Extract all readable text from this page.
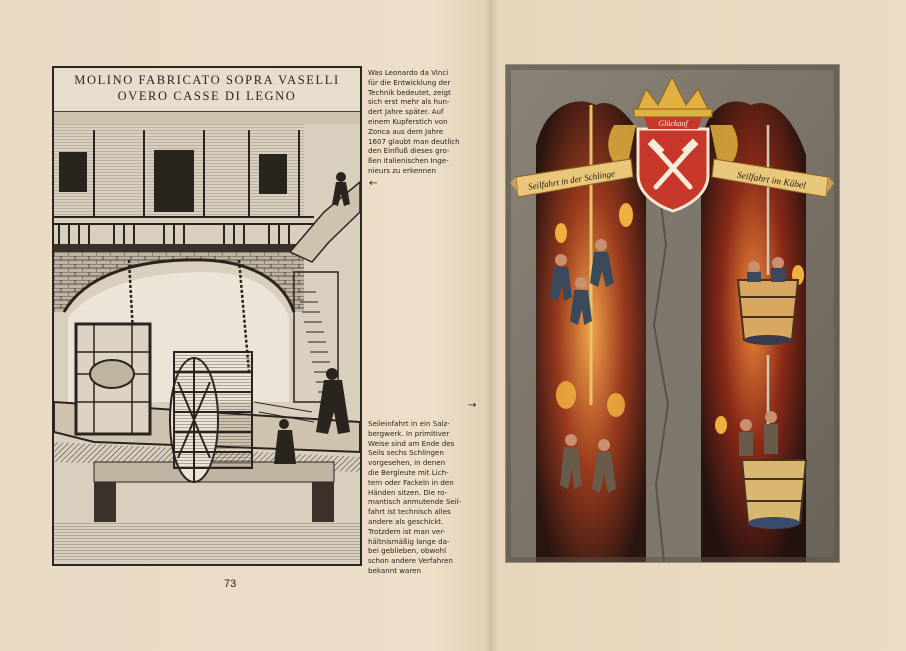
MOLINO FABRICATO SOPRA VASELLI
OVERO CASSE DI LEGNO
73
Was Leonardo da Vinci
für die Entwicklung der
Technik bedeutet, zeigt
sich erst mehr als hun-
dert Jahre später. Auf
einem Kupferstich von
Zonca aus dem Jahre
1607 glaubt man deutlich
den Einfluß dieses gro-
ßen italienischen Inge-
nieurs zu erkennen
←
→
Seileinfahrt in ein Salz-
bergwerk. In primitiver
Weise sind am Ende des
Seils sechs Schlingen
vorgesehen, in denen
die Bergleute mit Lich-
tern oder Fackeln in den
Händen sitzen. Die ro-
mantisch anmutende Seil-
fahrt ist technisch alles
andere als geschickt.
Trotzdem ist man ver-
hältnismäßig lange da-
bei geblieben, obwohl
schon andere Verfahren
bekannt waren
Glückauf
Seilfahrt in der Schlinge	Seilfahrt im Kübel
